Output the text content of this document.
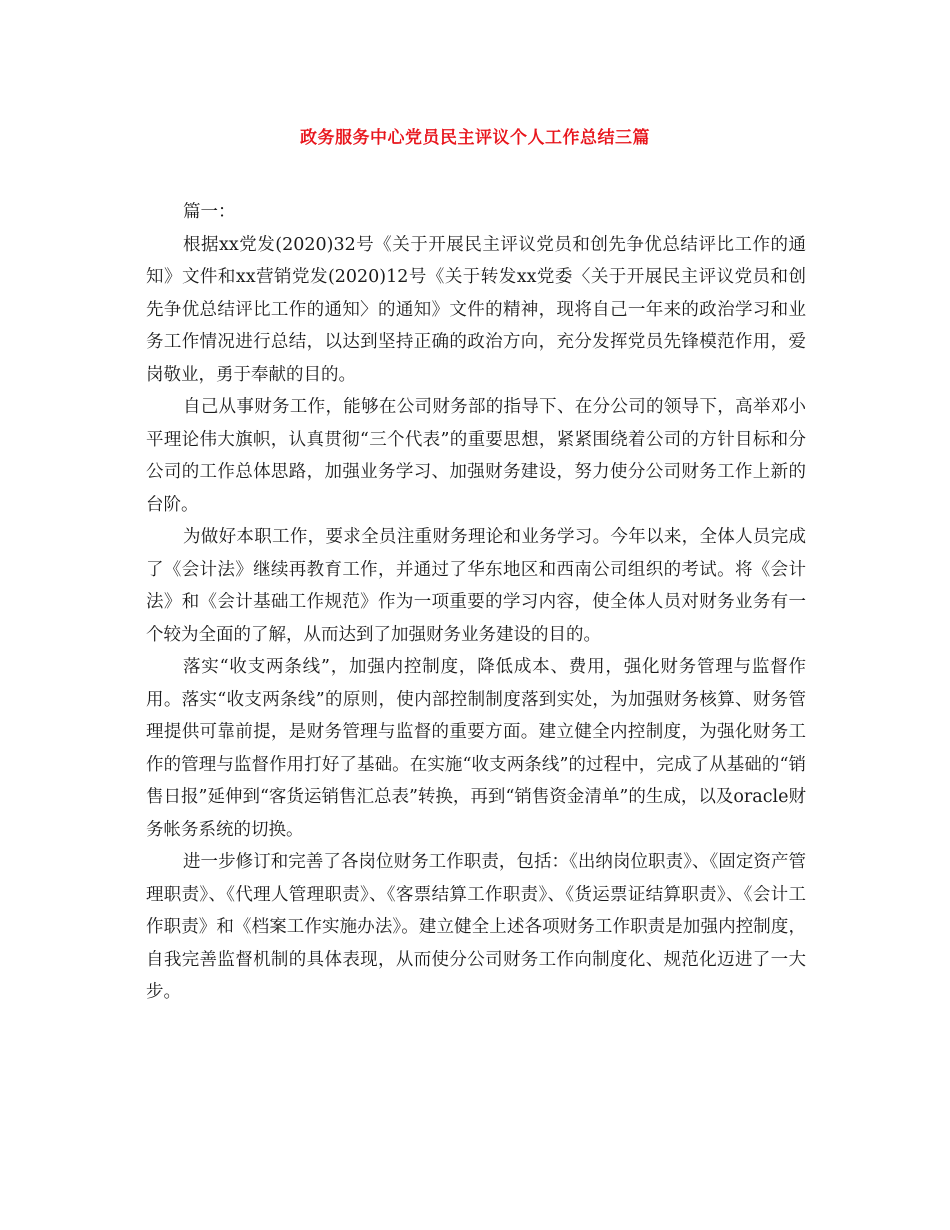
政务服务中心党员民主评议个人工作总结三篇

篇一：

根据xx党发(2020)32号《关于开展民主评议党员和创先争优总结评比工作的通知》文件和xx营销党发(2020)12号《关于转发xx党委〈关于开展民主评议党员和创先争优总结评比工作的通知〉的通知》文件的精神，现将自己一年来的政治学习和业务工作情况进行总结，以达到坚持正确的政治方向，充分发挥党员先锋模范作用，爱岗敬业，勇于奉献的目的。

自己从事财务工作，能够在公司财务部的指导下、在分公司的领导下，高举邓小平理论伟大旗帜，认真贯彻“三个代表”的重要思想，紧紧围绕着公司的方针目标和分公司的工作总体思路，加强业务学习、加强财务建设，努力使分公司财务工作上新的台阶。

为做好本职工作，要求全员注重财务理论和业务学习。今年以来，全体人员完成了《会计法》继续再教育工作，并通过了华东地区和西南公司组织的考试。将《会计法》和《会计基础工作规范》作为一项重要的学习内容，使全体人员对财务业务有一个较为全面的了解，从而达到了加强财务业务建设的目的。

落实“收支两条线”，加强内控制度，降低成本、费用，强化财务管理与监督作用。落实“收支两条线”的原则，使内部控制制度落到实处，为加强财务核算、财务管理提供可靠前提，是财务管理与监督的重要方面。建立健全内控制度，为强化财务工作的管理与监督作用打好了基础。在实施“收支两条线”的过程中，完成了从基础的“销售日报”延伸到“客货运销售汇总表”转换，再到“销售资金清单”的生成，以及oracle财务帐务系统的切换。

进一步修订和完善了各岗位财务工作职责，包括：《出纳岗位职责》、《固定资产管理职责》、《代理人管理职责》、《客票结算工作职责》、《货运票证结算职责》、《会计工作职责》和《档案工作实施办法》。建立健全上述各项财务工作职责是加强内控制度，自我完善监督机制的具体表现，从而使分公司财务工作向制度化、规范化迈进了一大步。
